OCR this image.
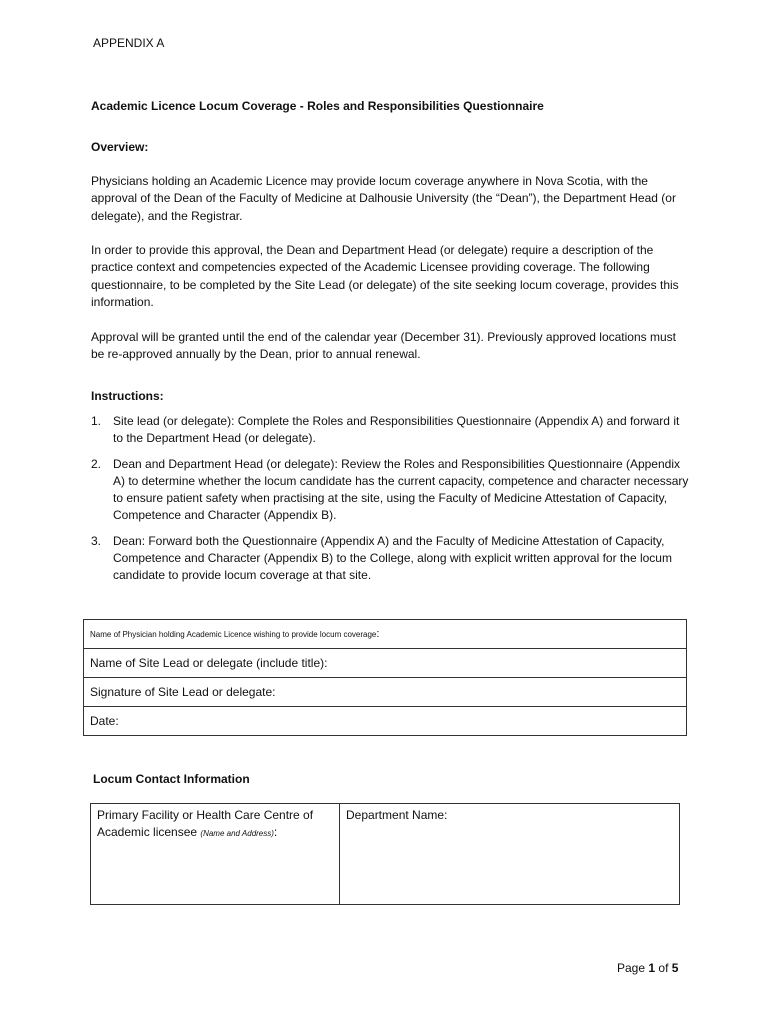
APPENDIX A
Academic Licence Locum Coverage - Roles and Responsibilities Questionnaire
Overview:
Physicians holding an Academic Licence may provide locum coverage anywhere in Nova Scotia, with the approval of the Dean of the Faculty of Medicine at Dalhousie University (the “Dean”), the Department Head (or delegate), and the Registrar.
In order to provide this approval, the Dean and Department Head (or delegate) require a description of the practice context and competencies expected of the Academic Licensee providing coverage. The following questionnaire, to be completed by the Site Lead (or delegate) of the site seeking locum coverage, provides this information.
Approval will be granted until the end of the calendar year (December 31). Previously approved locations must be re-approved annually by the Dean, prior to annual renewal.
Instructions:
1. Site lead (or delegate): Complete the Roles and Responsibilities Questionnaire (Appendix A) and forward it to the Department Head (or delegate).
2. Dean and Department Head (or delegate): Review the Roles and Responsibilities Questionnaire (Appendix A) to determine whether the locum candidate has the current capacity, competence and character necessary to ensure patient safety when practising at the site, using the Faculty of Medicine Attestation of Capacity, Competence and Character (Appendix B).
3. Dean: Forward both the Questionnaire (Appendix A) and the Faculty of Medicine Attestation of Capacity, Competence and Character (Appendix B) to the College, along with explicit written approval for the locum candidate to provide locum coverage at that site.
Name of Physician holding Academic Licence wishing to provide locum coverage:
Name of Site Lead or delegate (include title):
Signature of Site Lead or delegate:
Date:
Locum Contact Information
Primary Facility or Health Care Centre of Academic licensee (Name and Address):	Department Name:
Page 1 of 5
